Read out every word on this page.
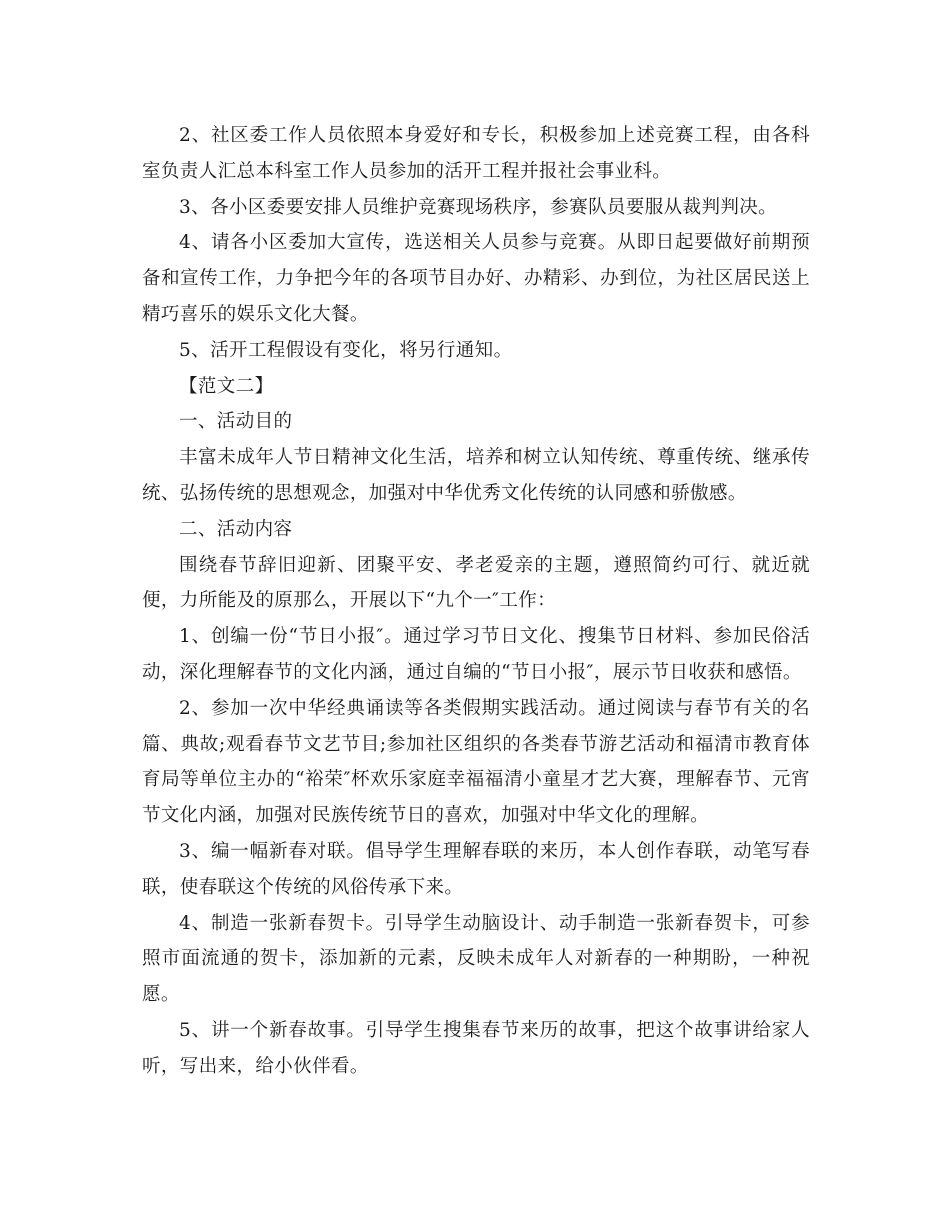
2、社区委工作人员依照本身爱好和专长，积极参加上述竞赛工程，由各科室负责人汇总本科室工作人员参加的活开工程并报社会事业科。

3、各小区委要安排人员维护竞赛现场秩序，参赛队员要服从裁判判决。

4、请各小区委加大宣传，选送相关人员参与竞赛。从即日起要做好前期预备和宣传工作，力争把今年的各项节目办好、办精彩、办到位，为社区居民送上精巧喜乐的娱乐文化大餐。

5、活开工程假设有变化，将另行通知。

【范文二】

一、活动目的

丰富未成年人节日精神文化生活，培养和树立认知传统、尊重传统、继承传统、弘扬传统的思想观念，加强对中华优秀文化传统的认同感和骄傲感。

二、活动内容

围绕春节辞旧迎新、团聚平安、孝老爱亲的主题，遵照简约可行、就近就便，力所能及的原那么，开展以下“九个一″工作：

1、创编一份“节日小报″。通过学习节日文化、搜集节日材料、参加民俗活动，深化理解春节的文化内涵，通过自编的“节日小报″，展示节日收获和感悟。

2、参加一次中华经典诵读等各类假期实践活动。通过阅读与春节有关的名篇、典故;观看春节文艺节目;参加社区组织的各类春节游艺活动和福清市教育体育局等单位主办的“裕荣″杯欢乐家庭幸福福清小童星才艺大赛，理解春节、元宵节文化内涵，加强对民族传统节日的喜欢，加强对中华文化的理解。

3、编一幅新春对联。倡导学生理解春联的来历，本人创作春联，动笔写春联，使春联这个传统的风俗传承下来。

4、制造一张新春贺卡。引导学生动脑设计、动手制造一张新春贺卡，可参照市面流通的贺卡，添加新的元素，反映未成年人对新春的一种期盼，一种祝愿。

5、讲一个新春故事。引导学生搜集春节来历的故事，把这个故事讲给家人听，写出来，给小伙伴看。
